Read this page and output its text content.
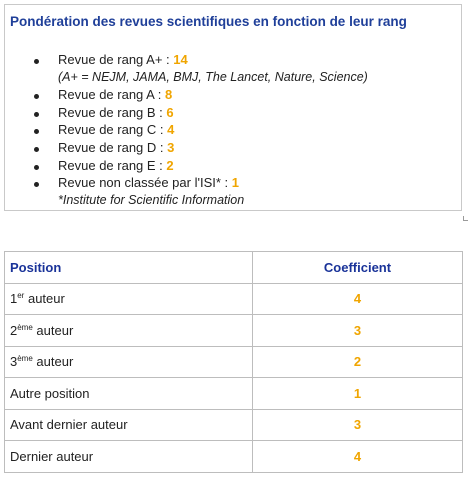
Pondération des revues scientifiques en fonction de leur rang
Revue de rang A+ : 14
(A+ = NEJM, JAMA, BMJ, The Lancet, Nature, Science)
Revue de rang A : 8
Revue de rang B : 6
Revue de rang C : 4
Revue de rang D : 3
Revue de rang E : 2
Revue non classée par l'ISI* : 1
*Institute for Scientific Information
Position	Coefficient
1er auteur	4
2ème auteur	3
3ème auteur	2
Autre position	1
Avant dernier auteur	3
Dernier auteur	4
